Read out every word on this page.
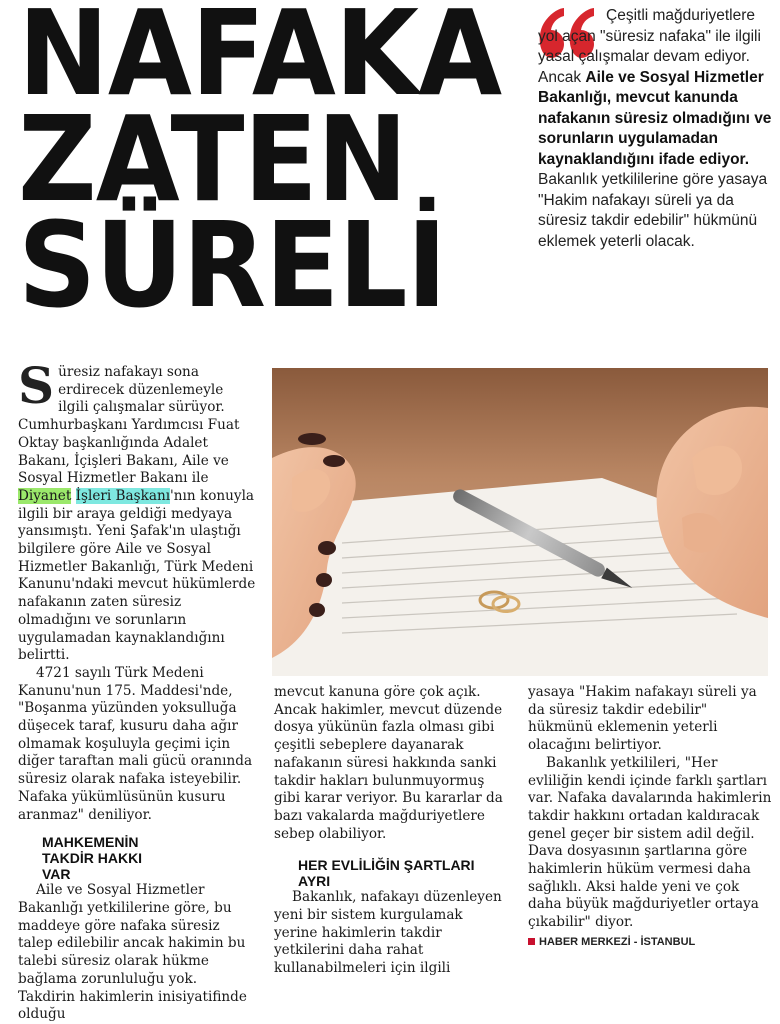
NAFAKA
ZATEN
SÜRELİ
Çeşitli mağduriyetlere yol açan "süresiz nafaka" ile ilgili yasal çalışmalar devam ediyor. Ancak Aile ve Sosyal Hizmetler Bakanlığı, mevcut kanunda nafakanın süresiz olmadığını ve sorunların uygulamadan kaynaklandığını ifade ediyor. Bakanlık yetkililerine göre yasaya "Hakim nafakayı süreli ya da süresiz takdir edebilir" hükmünü eklemek yeterli olacak.

Süresiz nafakayı sona erdirecek düzenlemeyle ilgili çalışmalar sürüyor. Cumhurbaşkanı Yardımcısı Fuat Oktay başkanlığında Adalet Bakanı, İçişleri Bakanı, Aile ve Sosyal Hizmetler Bakanı ile Diyanet İşleri Başkanı'nın konuyla ilgili bir araya geldiği medyaya yansımıştı. Yeni Şafak'ın ulaştığı bilgilere göre Aile ve Sosyal Hizmetler Bakanlığı, Türk Medeni Kanunu'ndaki mevcut hükümlerde nafakanın zaten süresiz olmadığını ve sorunların uygulamadan kaynaklandığını belirtti.

4721 sayılı Türk Medeni Kanunu'nun 175. Maddesi'nde, "Boşanma yüzünden yoksulluğa düşecek taraf, kusuru daha ağır olmamak koşuluyla geçimi için diğer taraftan mali gücü oranında süresiz olarak nafaka isteyebilir. Nafaka yükümlüsünün kusuru aranmaz" deniliyor.

MAHKEMENİN TAKDİR HAKKI VAR

Aile ve Sosyal Hizmetler Bakanlığı yetkililerine göre, bu maddeye göre nafaka süresiz talep edilebilir ancak hakimin bu talebi süresiz olarak hükme bağlama zorunluluğu yok. Takdirin hakimlerin inisiyatifinde olduğu

mevcut kanuna göre çok açık. Ancak hakimler, mevcut düzende dosya yükünün fazla olması gibi çeşitli sebeplere dayanarak nafakanın süresi hakkında sanki takdir hakları bulunmuyormuş gibi karar veriyor. Bu kararlar da bazı vakalarda mağduriyetlere sebep olabiliyor.

HER EVLİLİĞİN ŞARTLARI AYRI

Bakanlık, nafakayı düzenleyen yeni bir sistem kurgulamak yerine hakimlerin takdir yetkilerini daha rahat kullanabilmeleri için ilgili

yasaya "Hakim nafakayı süreli ya da süresiz takdir edebilir" hükmünü eklemenin yeterli olacağını belirtiyor.

Bakanlık yetkilileri, "Her evliliğin kendi içinde farklı şartları var. Nafaka davalarında hakimlerin takdir hakkını ortadan kaldıracak genel geçer bir sistem adil değil. Dava dosyasının şartlarına göre hakimlerin hüküm vermesi daha sağlıklı. Aksi halde yeni ve çok daha büyük mağduriyetler ortaya çıkabilir" diyor.

HABER MERKEZİ - İSTANBUL
